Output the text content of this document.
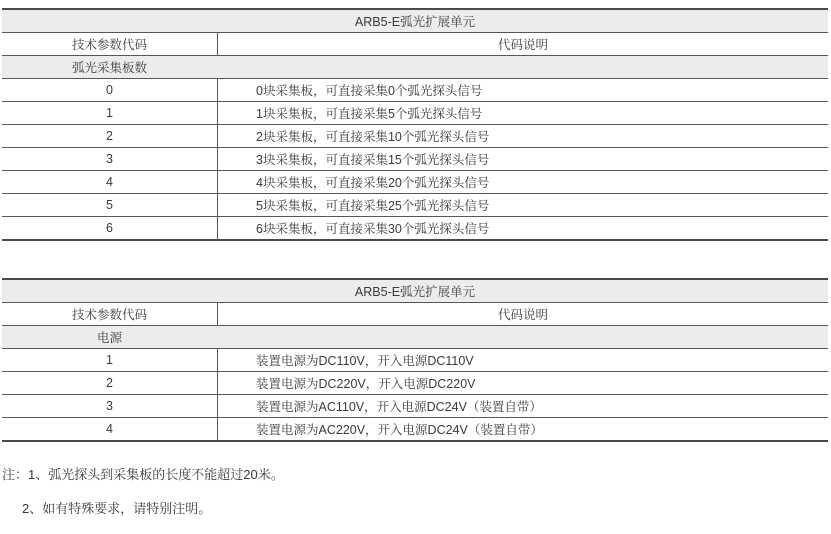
ARB5-E弧光扩展单元
技术参数代码	代码说明
弧光采集板数
0	0块采集板，可直接采集0个弧光探头信号
1	1块采集板，可直接采集5个弧光探头信号
2	2块采集板，可直接采集10个弧光探头信号
3	3块采集板，可直接采集15个弧光探头信号
4	4块采集板，可直接采集20个弧光探头信号
5	5块采集板，可直接采集25个弧光探头信号
6	6块采集板，可直接采集30个弧光探头信号
ARB5-E弧光扩展单元
技术参数代码	代码说明
电源
1	装置电源为DC110V，开入电源DC110V
2	装置电源为DC220V，开入电源DC220V
3	装置电源为AC110V，开入电源DC24V（装置自带）
4	装置电源为AC220V，开入电源DC24V（装置自带）
注：1、弧光探头到采集板的长度不能超过20米。
2、如有特殊要求，请特别注明。
